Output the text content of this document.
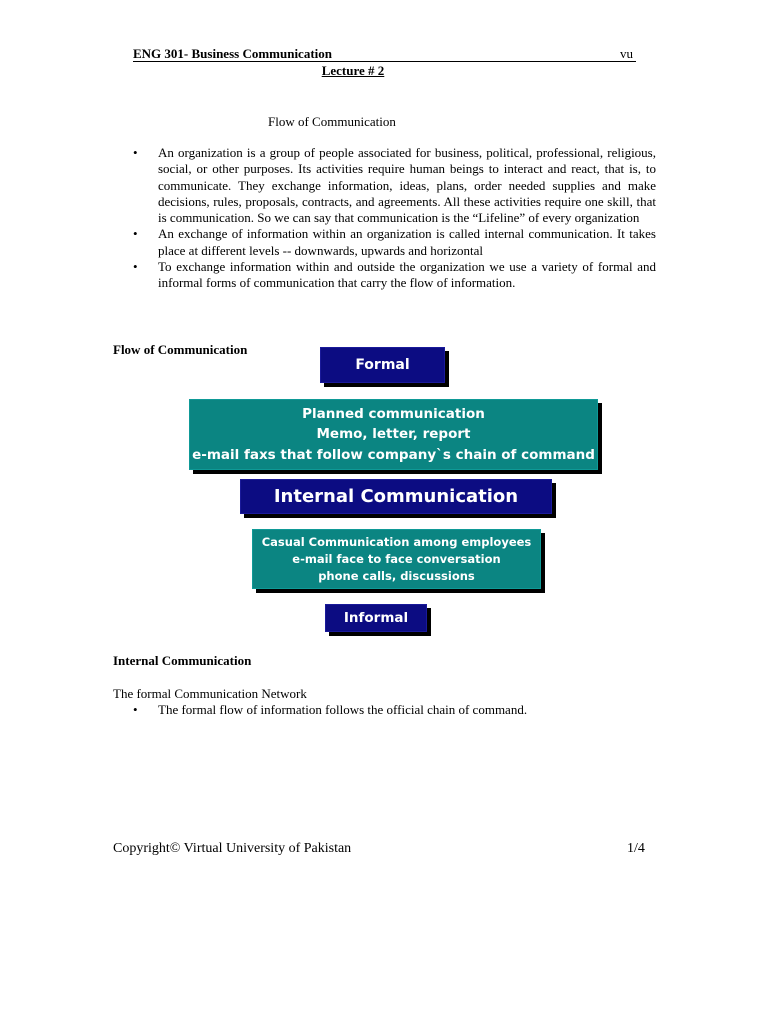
ENG 301- Business Communication	vu
Lecture # 2
Flow of Communication
• An organization is a group of people associated for business, political, professional, religious, social, or other purposes. Its activities require human beings to interact and react, that is, to communicate. They exchange information, ideas, plans, order needed supplies and make decisions, rules, proposals, contracts, and agreements. All these activities require one skill, that is communication. So we can say that communication is the “Lifeline” of every organization
• An exchange of information within an organization is called internal communication. It takes place at different levels -- downwards, upwards and horizontal
• To exchange information within and outside the organization we use a variety of formal and informal forms of communication that carry the flow of information.
Flow of Communication
Formal
Planned communication
Memo, letter, report
e-mail faxs that follow company`s chain of command
Internal Communication
Casual Communication among employees
e-mail face to face conversation
phone calls, discussions
Informal
Internal Communication
The formal Communication Network
• The formal flow of information follows the official chain of command.
Copyright© Virtual University of Pakistan	1/4
